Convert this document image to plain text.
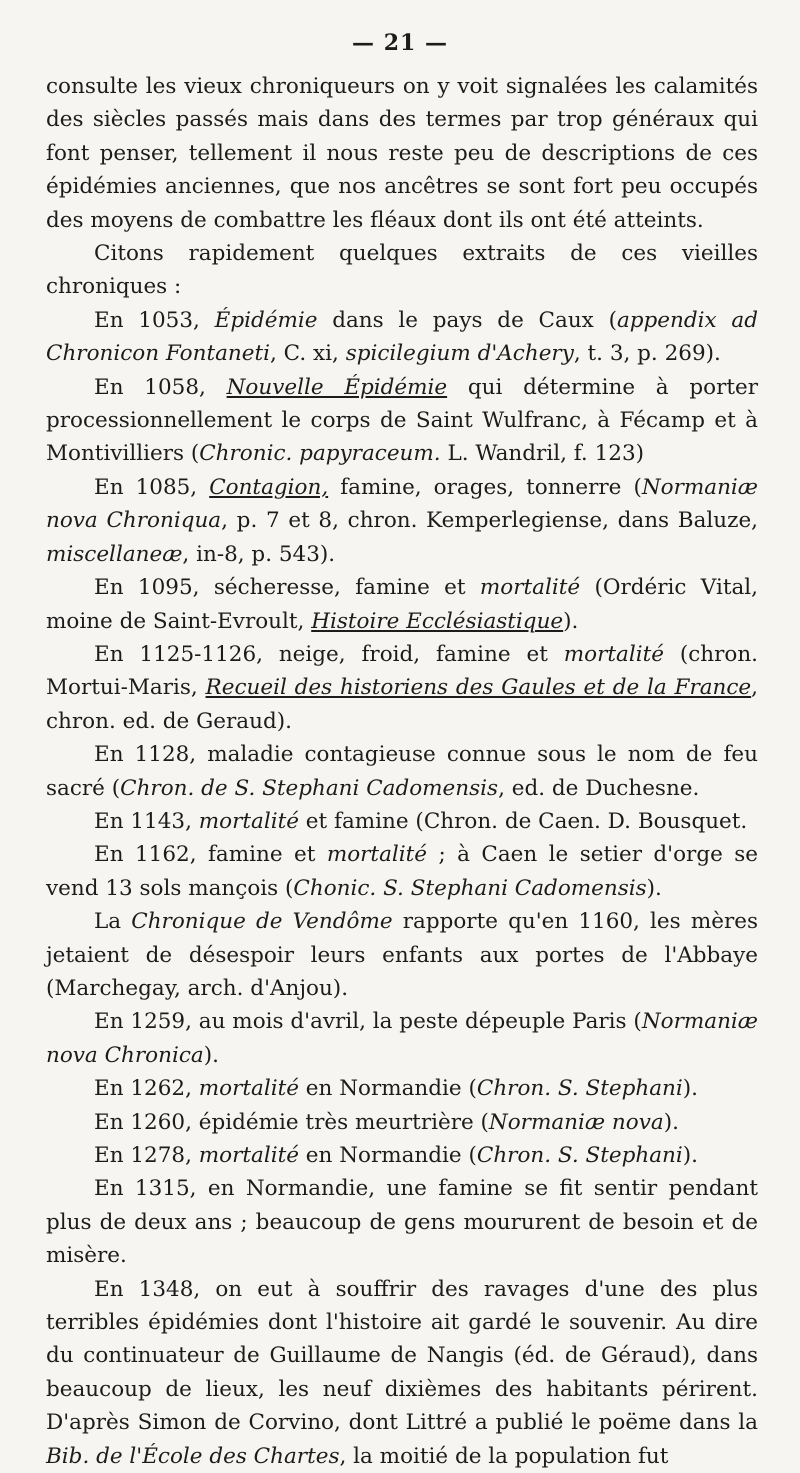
— 21 —

consulte les vieux chroniqueurs on y voit signalées les calamités des siècles passés mais dans des termes par trop généraux qui font penser, tellement il nous reste peu de descriptions de ces épidémies anciennes, que nos ancêtres se sont fort peu occupés des moyens de combattre les fléaux dont ils ont été atteints.

Citons rapidement quelques extraits de ces vieilles chroniques :

En 1053, Épidémie dans le pays de Caux (appendix ad Chronicon Fontaneti, C. xi, spicilegium d'Achery, t. 3, p. 269).

En 1058, Nouvelle Épidémie qui détermine à porter processionnellement le corps de Saint Wulfranc, à Fécamp et à Montivilliers (Chronic. papyraceum. L. Wandril, f. 123)

En 1085, Contagion, famine, orages, tonnerre (Normaniæ nova Chroniqua, p. 7 et 8, chron. Kemperlegiense, dans Baluze, miscellaneæ, in-8, p. 543).

En 1095, sécheresse, famine et mortalité (Ordéric Vital, moine de Saint-Evroult, Histoire Ecclésiastique).

En 1125-1126, neige, froid, famine et mortalité (chron. Mortui-Maris, Recueil des historiens des Gaules et de la France, chron. ed. de Geraud).

En 1128, maladie contagieuse connue sous le nom de feu sacré (Chron. de S. Stephani Cadomensis, ed. de Duchesne.

En 1143, mortalité et famine (Chron. de Caen. D. Bousquet.

En 1162, famine et mortalité ; à Caen le setier d'orge se vend 13 sols mançois (Chonic. S. Stephani Cadomensis).

La Chronique de Vendôme rapporte qu'en 1160, les mères jetaient de désespoir leurs enfants aux portes de l'Abbaye (Marchegay, arch. d'Anjou).

En 1259, au mois d'avril, la peste dépeuple Paris (Normaniæ nova Chronica).

En 1262, mortalité en Normandie (Chron. S. Stephani).

En 1260, épidémie très meurtrière (Normaniæ nova).

En 1278, mortalité en Normandie (Chron. S. Stephani).

En 1315, en Normandie, une famine se fit sentir pendant plus de deux ans ; beaucoup de gens moururent de besoin et de misère.

En 1348, on eut à souffrir des ravages d'une des plus terribles épidémies dont l'histoire ait gardé le souvenir. Au dire du continuateur de Guillaume de Nangis (éd. de Géraud), dans beaucoup de lieux, les neuf dixièmes des habitants périrent. D'après Simon de Corvino, dont Littré a publié le poëme dans la Bib. de l'École des Chartes, la moitié de la population fut
